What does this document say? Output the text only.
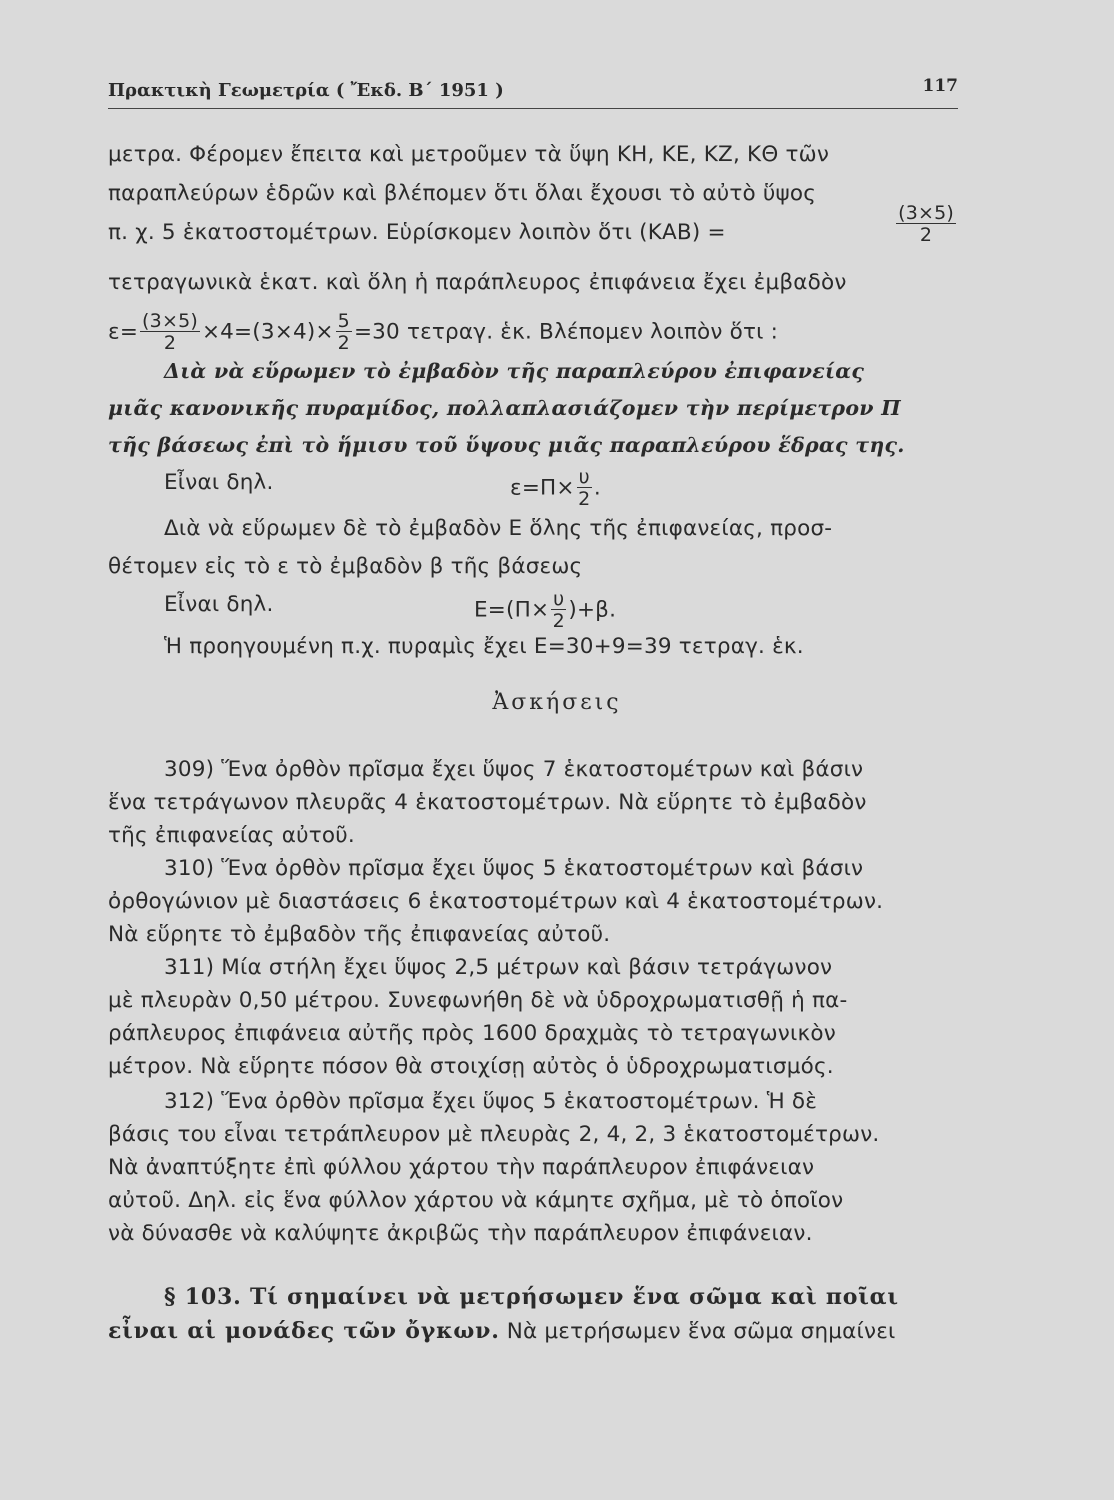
Πρακτικὴ Γεωμετρία ( Ἔκδ. Β΄ 1951 )	117
μετρα. Φέρομεν ἔπειτα καὶ μετροῦμεν τὰ ὕψη ΚΗ, ΚΕ, ΚΖ, ΚΘ τῶν
παραπλεύρων ἑδρῶν καὶ βλέπομεν ὅτι ὅλαι ἔχουσι τὸ αὐτὸ ὕψος
π. χ. 5 ἑκατοστομέτρων. Εὑρίσκομεν λοιπὸν ὅτι (ΚΑΒ) =	$\frac{(3\times 5)}{2}$
τετραγωνικὰ ἑκατ. καὶ ὅλη ἡ παράπλευρος ἐπιφάνεια ἔχει ἐμβαδὸν
$\varepsilon= \frac{(3\times 5)}{2} \times 4=(3\times 4)\times \frac{5}{2} =30$ τετραγ. ἑκ. Βλέπομεν λοιπὸν ὅτι :
Διὰ νὰ εὕρωμεν τὸ ἐμβαδὸν τῆς παραπλεύρου ἐπιφανείας
μιᾶς κανονικῆς πυραμίδος, πολλαπλασιάζομεν τὴν περίμετρον Π
τῆς βάσεως ἐπὶ τὸ ἥμισυ τοῦ ὕψους μιᾶς παραπλεύρου ἕδρας της.
Εἶναι δηλ.	$\varepsilon=\Pi\times \frac{\upsilon}{2}$ .
Διὰ νὰ εὕρωμεν δὲ τὸ ἐμβαδὸν Ε ὅλης τῆς ἐπιφανείας, προσ-
θέτομεν εἰς τὸ ε τὸ ἐμβαδὸν β τῆς βάσεως
Εἶναι δηλ.	$E=(\Pi\times \frac{\upsilon}{2} )+\beta$.
Ἡ προηγουμένη π.χ. πυραμὶς ἔχει Ε=30+9=39 τετραγ. ἑκ.
Ἀσκήσεις
309) Ἕνα ὀρθὸν πρῖσμα ἔχει ὕψος 7 ἑκατοστομέτρων καὶ βάσιν
ἕνα τετράγωνον πλευρᾶς 4 ἑκατοστομέτρων. Νὰ εὕρητε τὸ ἐμβαδὸν
τῆς ἐπιφανείας αὐτοῦ.
310) Ἕνα ὀρθὸν πρῖσμα ἔχει ὕψος 5 ἑκατοστομέτρων καὶ βάσιν
ὀρθογώνιον μὲ διαστάσεις 6 ἑκατοστομέτρων καὶ 4 ἑκατοστομέτρων.
Νὰ εὕρητε τὸ ἐμβαδὸν τῆς ἐπιφανείας αὐτοῦ.
311) Μία στήλη ἔχει ὕψος 2,5 μέτρων καὶ βάσιν τετράγωνον
μὲ πλευρὰν 0,50 μέτρου. Συνεφωνήθη δὲ νὰ ὑδροχρωματισθῇ ἡ πα-
ράπλευρος ἐπιφάνεια αὐτῆς πρὸς 1600 δραχμὰς τὸ τετραγωνικὸν
μέτρον. Νὰ εὕρητε πόσον θὰ στοιχίσῃ αὐτὸς ὁ ὑδροχρωματισμός.
312) Ἕνα ὀρθὸν πρῖσμα ἔχει ὕψος 5 ἑκατοστομέτρων. Ἡ δὲ
βάσις του εἶναι τετράπλευρον μὲ πλευρὰς 2, 4, 2, 3 ἑκατοστομέτρων.
Νὰ ἀναπτύξητε ἐπὶ φύλλου χάρτου τὴν παράπλευρον ἐπιφάνειαν
αὐτοῦ. Δηλ. εἰς ἕνα φύλλον χάρτου νὰ κάμητε σχῆμα, μὲ τὸ ὁποῖον
νὰ δύνασθε νὰ καλύψητε ἀκριβῶς τὴν παράπλευρον ἐπιφάνειαν.
§ 103. Τί σημαίνει νὰ μετρήσωμεν ἕνα σῶμα καὶ ποῖαι
εἶναι αἱ μονάδες τῶν ὄγκων. Νὰ μετρήσωμεν ἕνα σῶμα σημαίνει
